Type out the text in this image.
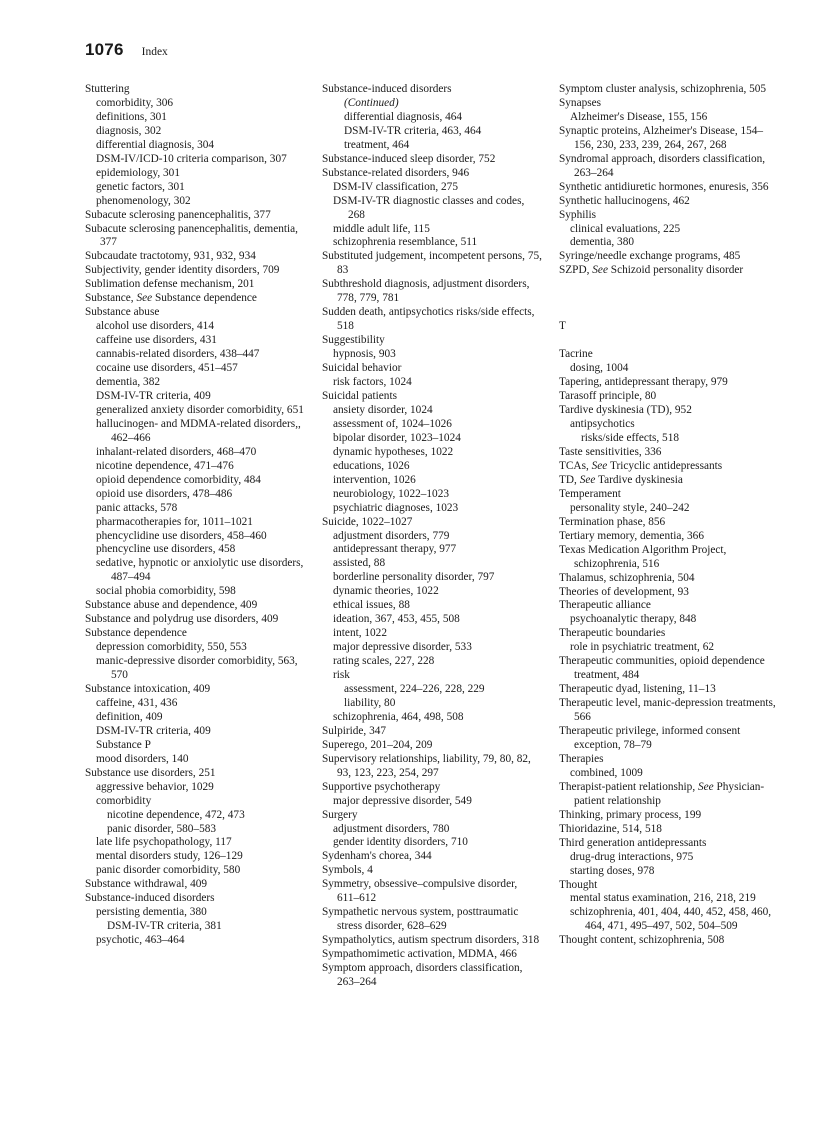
1076 Index

Stuttering

comorbidity, 306

definitions, 301

diagnosis, 302

differential diagnosis, 304

DSM-IV/ICD-10 criteria comparison, 307

epidemiology, 301

genetic factors, 301

phenomenology, 302

Subacute sclerosing panencephalitis, 377

Subacute sclerosing panencephalitis, dementia, 377

Subcaudate tractotomy, 931, 932, 934

Subjectivity, gender identity disorders, 709

Sublimation defense mechanism, 201

Substance, See Substance dependence

Substance abuse

alcohol use disorders, 414

caffeine use disorders, 431

cannabis-related disorders, 438–447

cocaine use disorders, 451–457

dementia, 382

DSM-IV-TR criteria, 409

generalized anxiety disorder comorbidity, 651

hallucinogen- and MDMA-related disorders,, 462–466

inhalant-related disorders, 468–470

nicotine dependence, 471–476

opioid dependence comorbidity, 484

opioid use disorders, 478–486

panic attacks, 578

pharmacotherapies for, 1011–1021

phencyclidine use disorders, 458–460

phencycline use disorders, 458

sedative, hypnotic or anxiolytic use disorders, 487–494

social phobia comorbidity, 598

Substance abuse and dependence, 409

Substance and polydrug use disorders, 409

Substance dependence

depression comorbidity, 550, 553

manic-depressive disorder comorbidity, 563, 570

Substance intoxication, 409

caffeine, 431, 436

definition, 409

DSM-IV-TR criteria, 409

Substance P

mood disorders, 140

Substance use disorders, 251

aggressive behavior, 1029

comorbidity

nicotine dependence, 472, 473

panic disorder, 580–583

late life psychopathology, 117

mental disorders study, 126–129

panic disorder comorbidity, 580

Substance withdrawal, 409

Substance-induced disorders

persisting dementia, 380

DSM-IV-TR criteria, 381

psychotic, 463–464

Substance-induced disorders

(Continued)

differential diagnosis, 464

DSM-IV-TR criteria, 463, 464

treatment, 464

Substance-induced sleep disorder, 752

Substance-related disorders, 946

DSM-IV classification, 275

DSM-IV-TR diagnostic classes and codes, 268

middle adult life, 115

schizophrenia resemblance, 511

Substituted judgement, incompetent persons, 75, 83

Subthreshold diagnosis, adjustment disorders, 778, 779, 781

Sudden death, antipsychotics risks/side effects, 518

Suggestibility

hypnosis, 903

Suicidal behavior

risk factors, 1024

Suicidal patients

ansiety disorder, 1024

assessment of, 1024–1026

bipolar disorder, 1023–1024

dynamic hypotheses, 1022

educations, 1026

intervention, 1026

neurobiology, 1022–1023

psychiatric diagnoses, 1023

Suicide, 1022–1027

adjustment disorders, 779

antidepressant therapy, 977

assisted, 88

borderline personality disorder, 797

dynamic theories, 1022

ethical issues, 88

ideation, 367, 453, 455, 508

intent, 1022

major depressive disorder, 533

rating scales, 227, 228

risk

assessment, 224–226, 228, 229

liability, 80

schizophrenia, 464, 498, 508

Sulpiride, 347

Superego, 201–204, 209

Supervisory relationships, liability, 79, 80, 82, 93, 123, 223, 254, 297

Supportive psychotherapy

major depressive disorder, 549

Surgery

adjustment disorders, 780

gender identity disorders, 710

Sydenham's chorea, 344

Symbols, 4

Symmetry, obsessive–compulsive disorder, 611–612

Sympathetic nervous system, posttraumatic stress disorder, 628–629

Sympatholytics, autism spectrum disorders, 318

Sympathomimetic activation, MDMA, 466

Symptom approach, disorders classification, 263–264

Symptom cluster analysis, schizophrenia, 505

Synapses

Alzheimer's Disease, 155, 156

Synaptic proteins, Alzheimer's Disease, 154–156, 230, 233, 239, 264, 267, 268

Syndromal approach, disorders classification, 263–264

Synthetic antidiuretic hormones, enuresis, 356

Synthetic hallucinogens, 462

Syphilis

clinical evaluations, 225

dementia, 380

Syringe/needle exchange programs, 485

SZPD, See Schizoid personality disorder

T

Tacrine

dosing, 1004

Tapering, antidepressant therapy, 979

Tarasoff principle, 80

Tardive dyskinesia (TD), 952

antipsychotics

risks/side effects, 518

Taste sensitivities, 336

TCAs, See Tricyclic antidepressants

TD, See Tardive dyskinesia

Temperament

personality style, 240–242

Termination phase, 856

Tertiary memory, dementia, 366

Texas Medication Algorithm Project, schizophrenia, 516

Thalamus, schizophrenia, 504

Theories of development, 93

Therapeutic alliance

psychoanalytic therapy, 848

Therapeutic boundaries

role in psychiatric treatment, 62

Therapeutic communities, opioid dependence treatment, 484

Therapeutic dyad, listening, 11–13

Therapeutic level, manic-depression treatments, 566

Therapeutic privilege, informed consent exception, 78–79

Therapies

combined, 1009

Therapist-patient relationship, See Physician-patient relationship

Thinking, primary process, 199

Thioridazine, 514, 518

Third generation antidepressants

drug-drug interactions, 975

starting doses, 978

Thought

mental status examination, 216, 218, 219

schizophrenia, 401, 404, 440, 452, 458, 460, 464, 471, 495–497, 502, 504–509

Thought content, schizophrenia, 508
